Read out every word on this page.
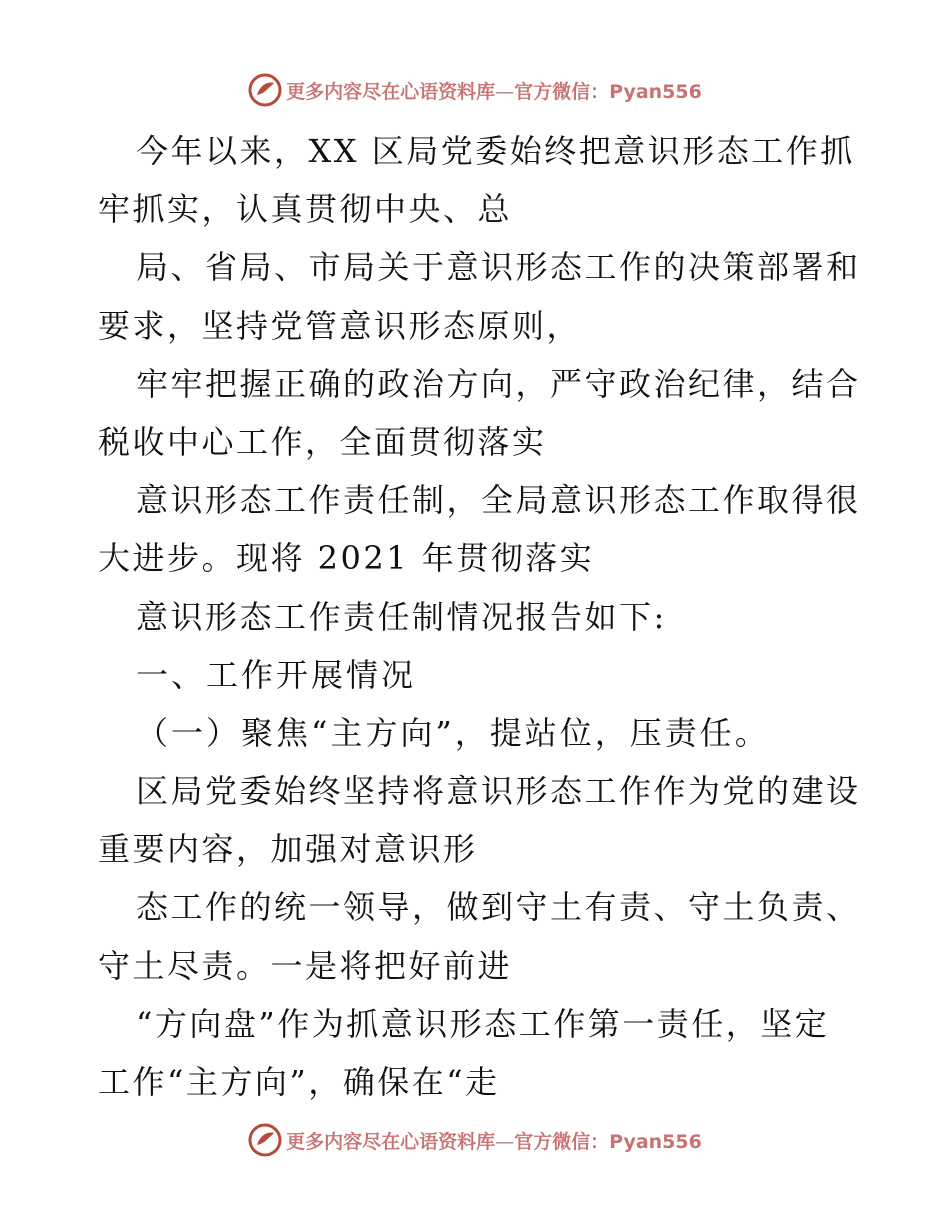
更多内容尽在心语资料库—官方微信：Pyan556
今年以来，XX 区局党委始终把意识形态工作抓
牢抓实，认真贯彻中央、总
局、省局、市局关于意识形态工作的决策部署和
要求，坚持党管意识形态原则，
牢牢把握正确的政治方向，严守政治纪律，结合
税收中心工作，全面贯彻落实
意识形态工作责任制，全局意识形态工作取得很
大进步。现将 2021 年贯彻落实
意识形态工作责任制情况报告如下:
一、工作开展情况
（一）聚焦“主方向”，提站位，压责任。
区局党委始终坚持将意识形态工作作为党的建设
重要内容，加强对意识形
态工作的统一领导，做到守土有责、守土负责、
守土尽责。一是将把好前进
“方向盘”作为抓意识形态工作第一责任，坚定
工作“主方向”，确保在“走
更多内容尽在心语资料库—官方微信：Pyan556
